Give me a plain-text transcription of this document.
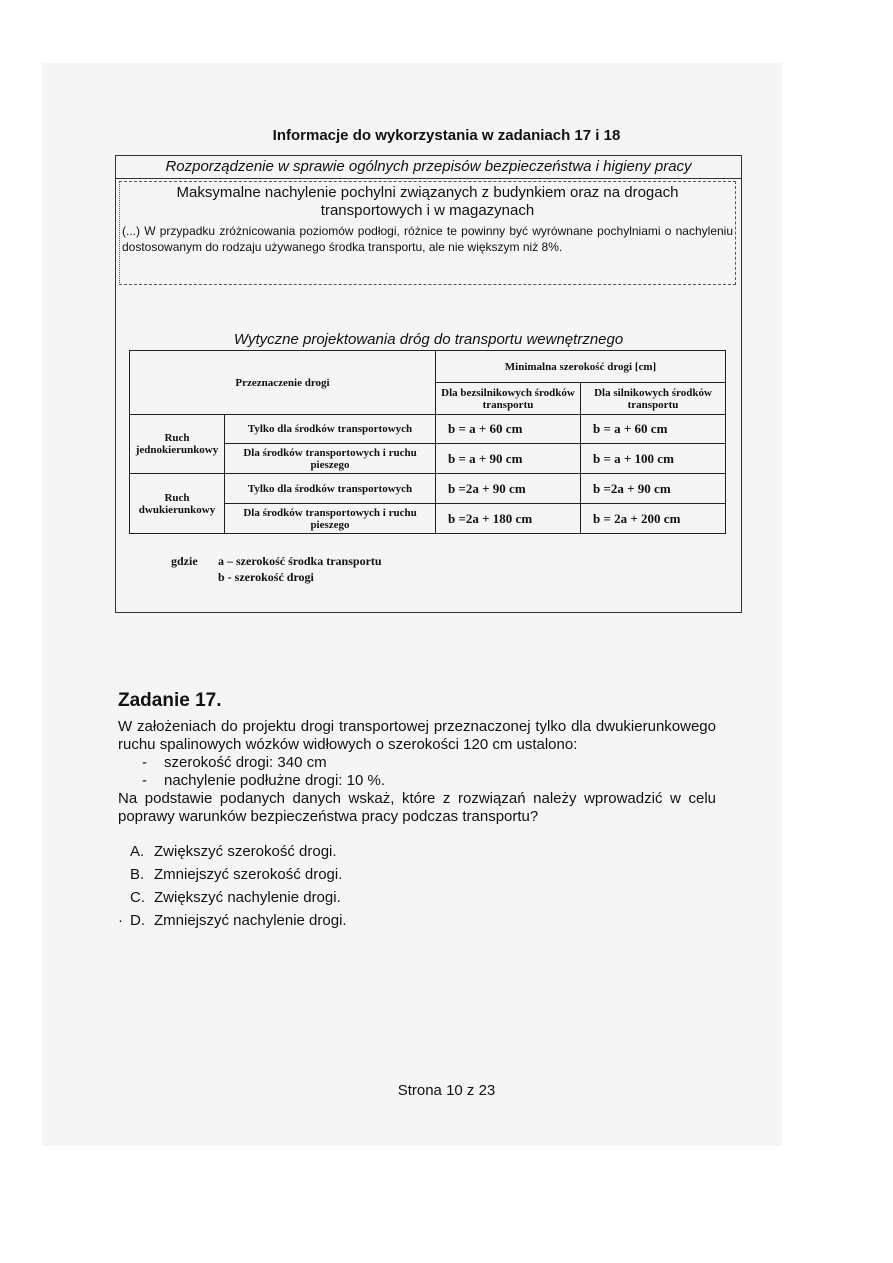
Informacje do wykorzystania w zadaniach 17 i 18
Rozporządzenie w sprawie ogólnych przepisów bezpieczeństwa i higieny pracy
Maksymalne nachylenie pochylni związanych z budynkiem oraz na drogach transportowych i w magazynach
(...) W przypadku zróżnicowania poziomów podłogi, różnice te powinny być wyrównane pochylniami o nachyleniu dostosowanym do rodzaju używanego środka transportu, ale nie większym niż 8%.
Wytyczne projektowania dróg do transportu wewnętrznego
Przeznaczenie drogi		Minimalna szerokość drogi [cm]	
		Dla bezsilnikowych środków transportu	Dla silnikowych środków transportu
Ruch jednokierunkowy	Tylko dla środków transportowych	b = a + 60 cm	b = a + 60 cm
	Dla środków transportowych i ruchu pieszego	b = a + 90 cm	b = a + 100 cm
Ruch dwukierunkowy	Tylko dla środków transportowych	b =2a + 90 cm	b =2a + 90 cm
	Dla środków transportowych i ruchu pieszego	b =2a + 180 cm	b = 2a + 200 cm
gdzie	a – szerokość środka transportu
b - szerokość drogi
Zadanie 17.

W założeniach do projektu drogi transportowej przeznaczonej tylko dla dwukierunkowego ruchu spalinowych wózków widłowych o szerokości 120 cm ustalono:

- szerokość drogi: 340 cm
- nachylenie podłużne drogi: 10 %.

Na podstawie podanych danych wskaż, które z rozwiązań należy wprowadzić w celu poprawy warunków bezpieczeństwa pracy podczas transportu?

A. Zwiększyć szerokość drogi.
B. Zmniejszyć szerokość drogi.
C. Zwiększyć nachylenie drogi.
· D. Zmniejszyć nachylenie drogi.
Strona 10 z 23
